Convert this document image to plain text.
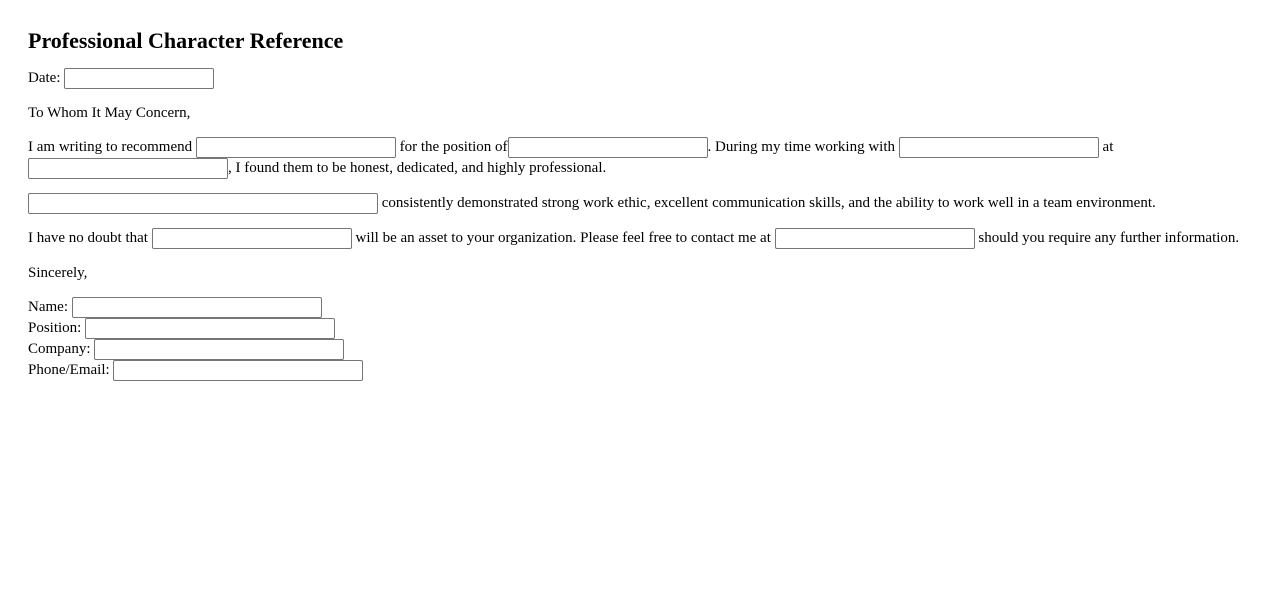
Professional Character Reference

Date:

To Whom It May Concern,

I am writing to recommend	for the position of	. During my time working with	at , I found them to be honest, dedicated, and highly professional.

consistently demonstrated strong work ethic, excellent communication skills, and the ability to work well in a team environment.

I have no doubt that	will be an asset to your organization. Please feel free to contact me at	should you require any further information.

Sincerely,

Name:
Position:
Company:
Phone/Email:
